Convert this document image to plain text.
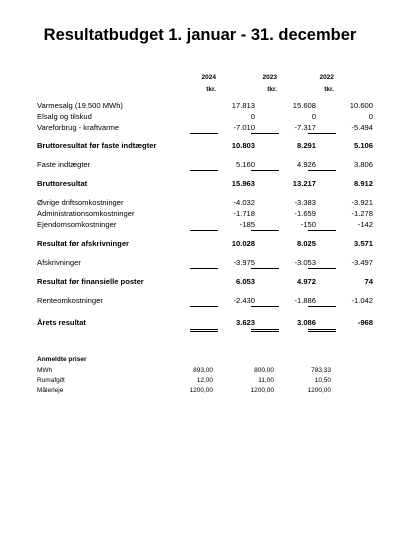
Resultatbudget 1. januar - 31. december
2024	2023	2022
tkr.	tkr.	tkr.
Varmesalg (19.500 MWh)	17.813	15.608	10.600
Elsalg og tilskud	0	0	0
Vareforbrug - kraftvarme	-7.010	-7.317	-5.494
Bruttoresultat før faste indtægter	10.803	8.291	5.106
Faste indtægter	5.160	4.926	3.806
Bruttoresultat	15.963	13.217	8.912
Øvrige driftsomkostninger	-4.032	-3.383	-3.921
Administrationsomkostninger	-1.718	-1.659	-1.278
Ejendomsomkostninger	-185	-150	-142
Resultat før afskrivninger	10.028	8.025	3.571
Afskrivninger	-3.975	-3.053	-3.497
Resultat før finansielle poster	6.053	4.972	74
Renteomkostninger	-2.430	-1.886	-1.042
Årets resultat	3.623	3.086	-968
Anmeldte priser
MWh	893,00	800,00	783,33
Rumafgift	12,00	11,00	10,50
Målerleje	1200,00	1200,00	1200,00
